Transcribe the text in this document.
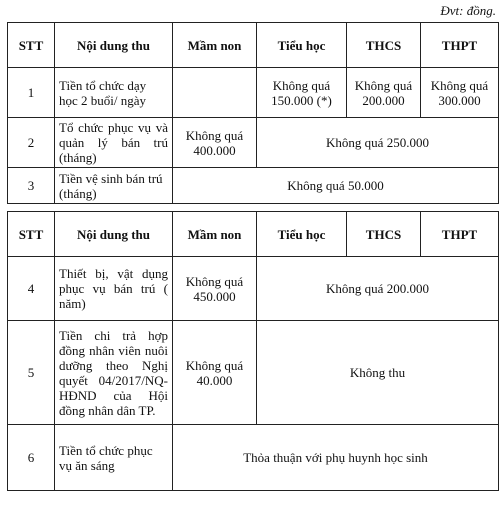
Đvt: đồng.
STT	Nội dung thu	Mầm non	Tiểu học	THCS	THPT
1	Tiền tổ chức dạy học 2 buổi/ ngày		Không quá 150.000 (*)	Không quá 200.000	Không quá 300.000
2	Tổ chức phục vụ và quản lý bán trú (tháng)	Không quá 400.000	Không quá 250.000		
3	Tiền vệ sinh bán trú (tháng)	Không quá 50.000			
STT	Nội dung thu	Mầm non	Tiểu học	THCS	THPT
4	Thiết bị, vật dụng phục vụ bán trú ( năm)	Không quá 450.000	Không quá 200.000		
5	Tiền chi trả hợp đồng nhân viên nuôi dưỡng theo Nghị quyết 04/2017/NQ-HĐND của Hội đồng nhân dân TP.	Không quá 40.000	Không thu		
6	Tiền tổ chức phục vụ ăn sáng	Thỏa thuận với phụ huynh học sinh			
